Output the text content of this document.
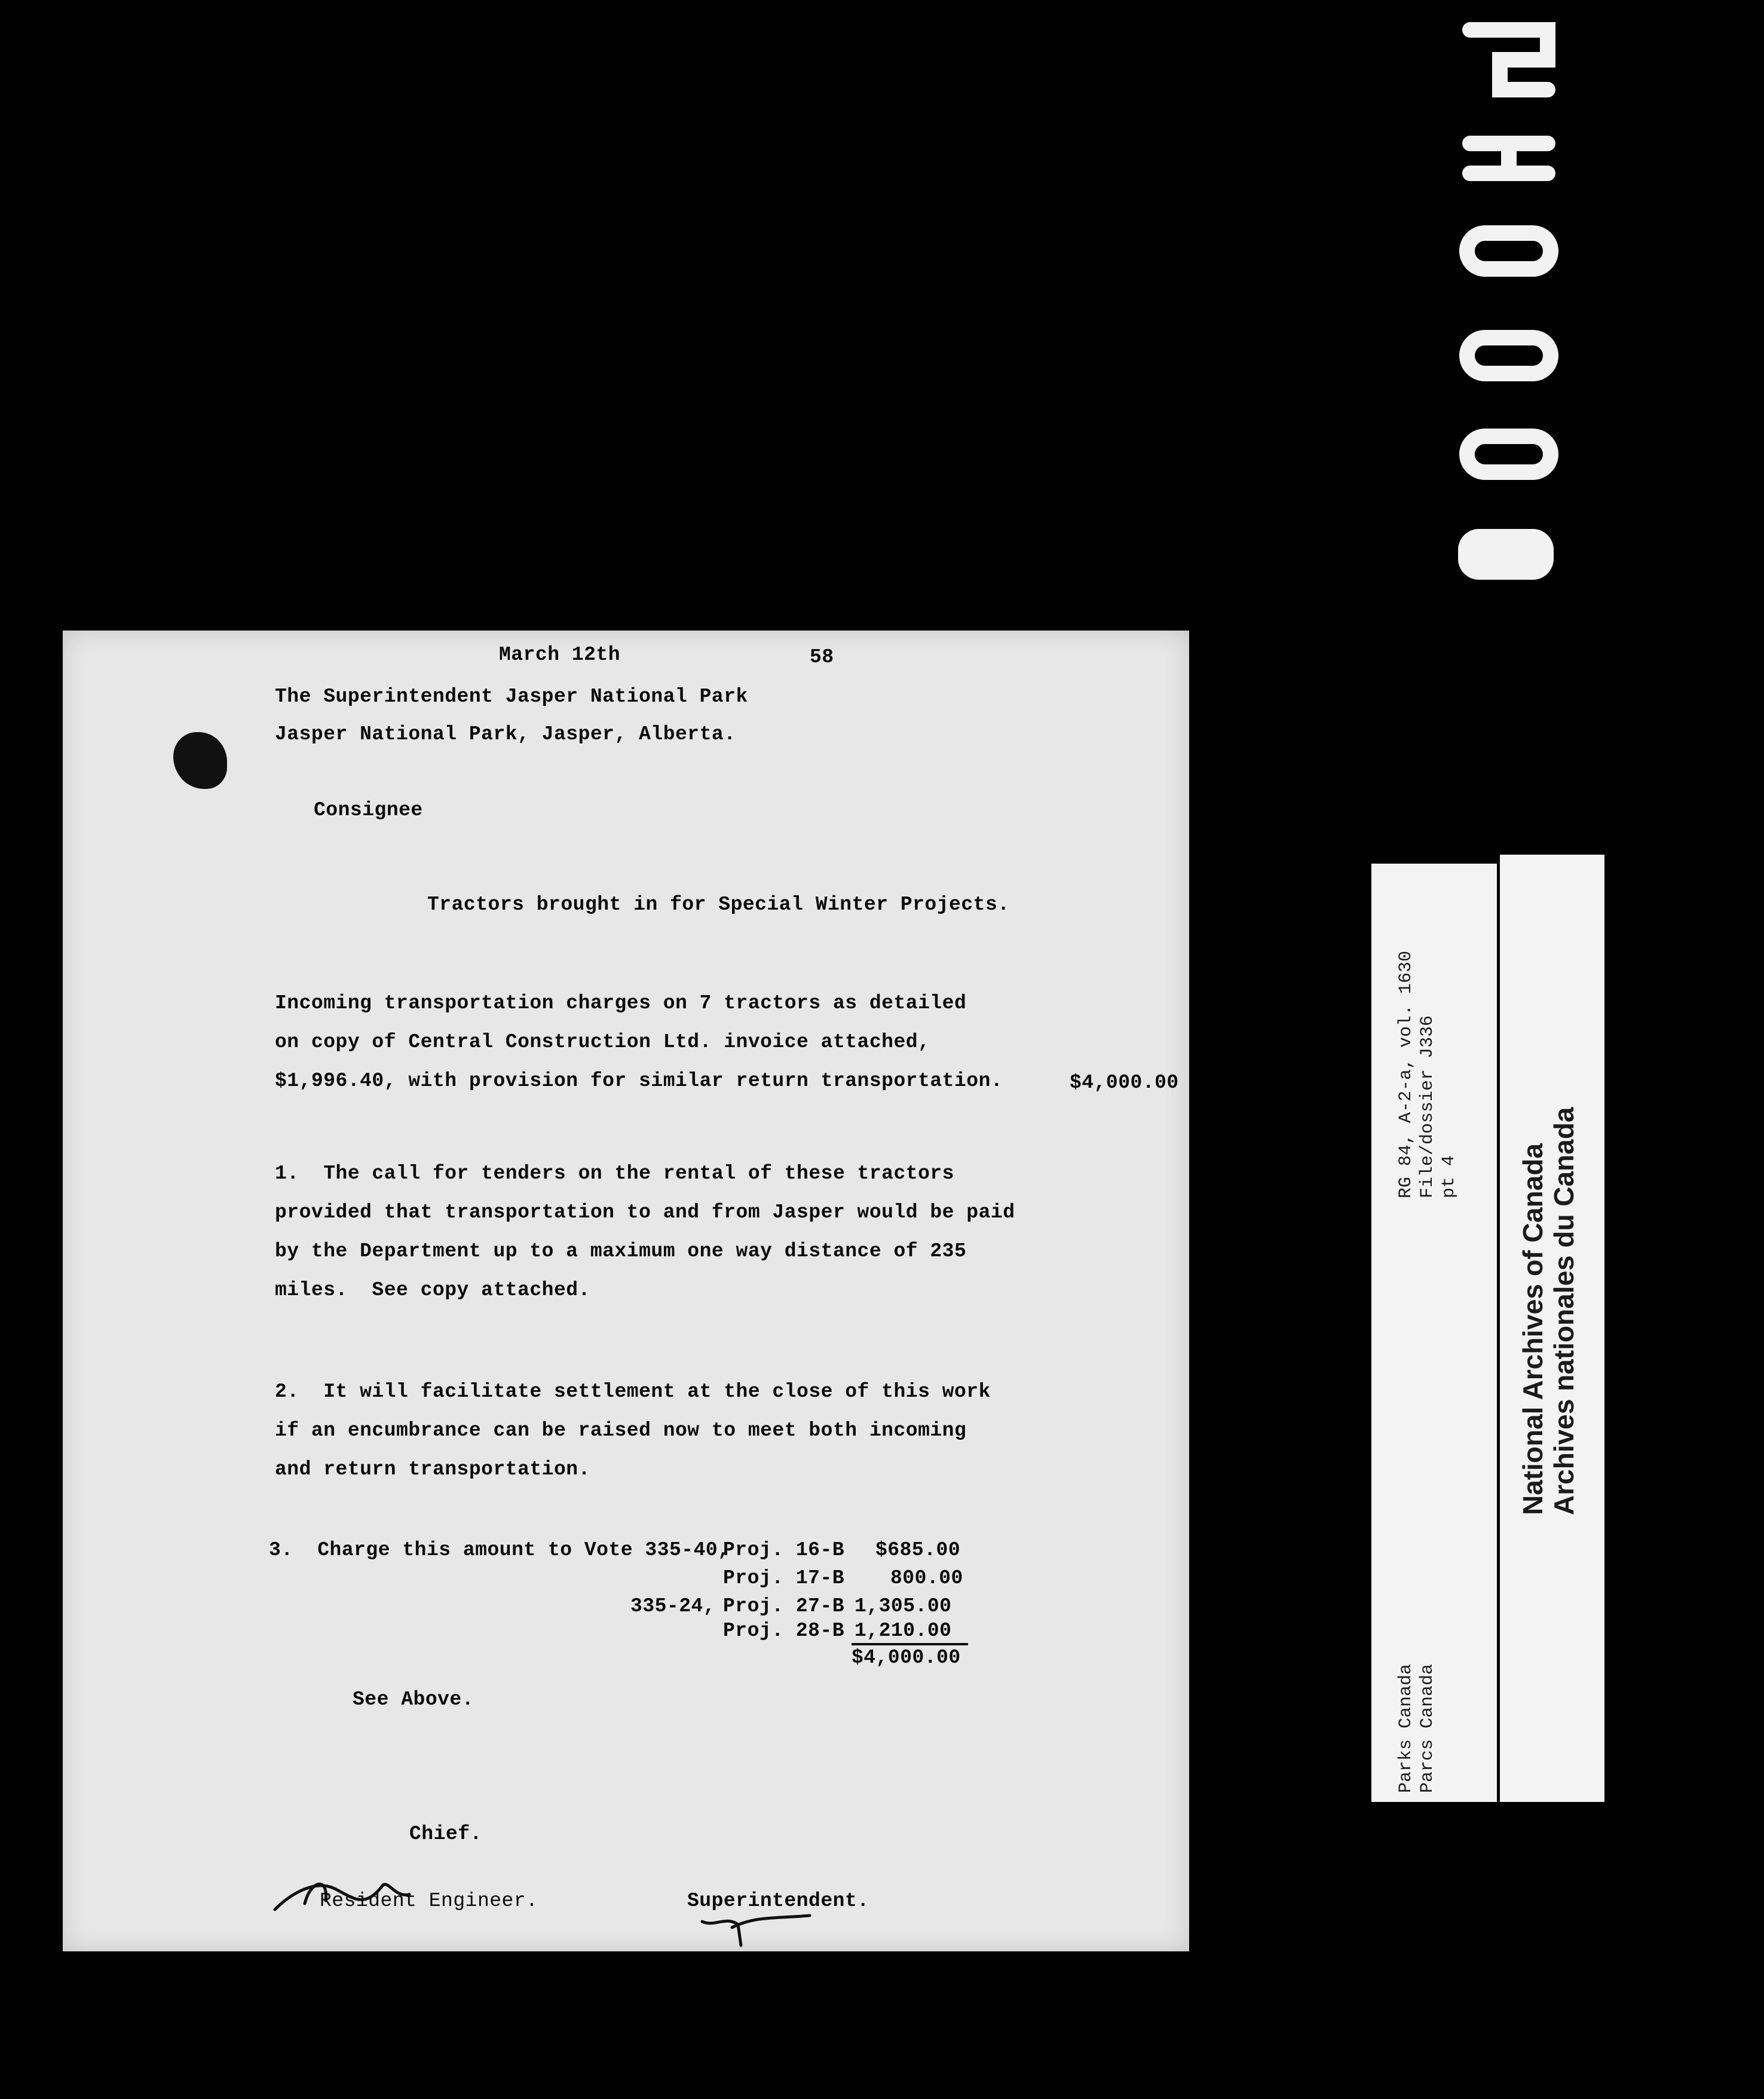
March 12th	58
The Superintendent Jasper National Park
Jasper National Park, Jasper, Alberta.
Consignee
Tractors brought in for Special Winter Projects.
Incoming transportation charges on 7 tractors as detailed
on copy of Central Construction Ltd. invoice attached,
$1,996.40, with provision for similar return transportation.	$4,000.00
1.  The call for tenders on the rental of these tractors
provided that transportation to and from Jasper would be paid
by the Department up to a maximum one way distance of 235
miles.  See copy attached.
2.  It will facilitate settlement at the close of this work
if an encumbrance can be raised now to meet both incoming
and return transportation.
3.  Charge this amount to Vote 335-40,
Proj. 16-B $685.00
Proj. 17-B 800.00
335-24, Proj. 27-B 1,305.00
Proj. 28-B 1,210.00
$4,000.00
See Above.
Chief.
Resident Engineer.	Superintendent.
RG 84, A-2-a, vol. 1630 File/dossier J336 pt 4
Parks Canada Parcs Canada
National Archives of Canada Archives nationales du Canada
